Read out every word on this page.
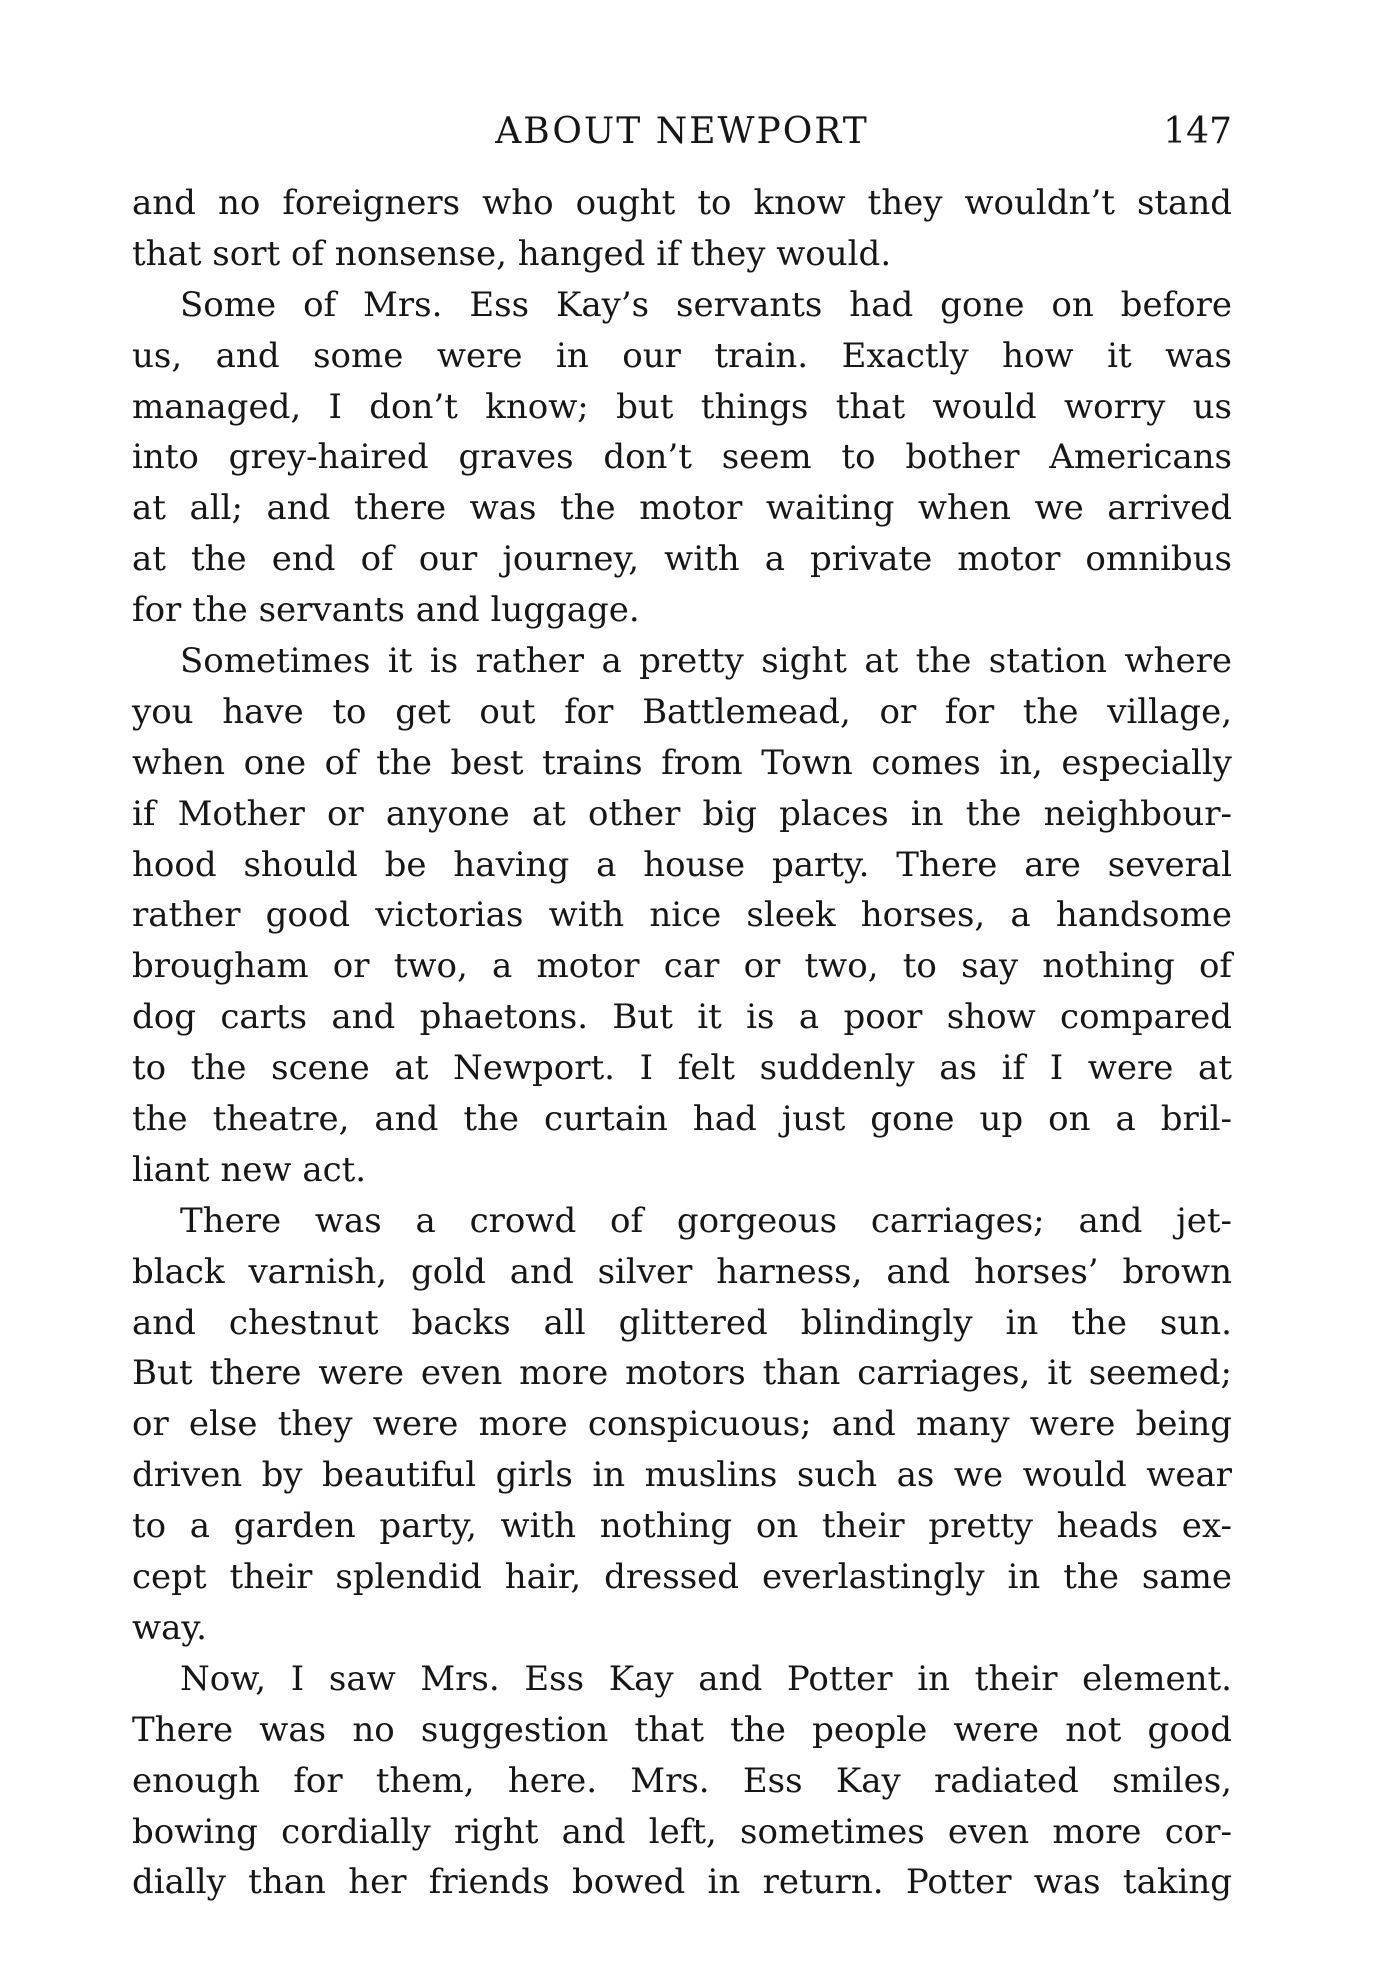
ABOUT NEWPORT	147
and no foreigners who ought to know they wouldn’t stand
that sort of nonsense, hanged if they would.
Some of Mrs. Ess Kay’s servants had gone on before
us, and some were in our train. Exactly how it was
managed, I don’t know; but things that would worry us
into grey-haired graves don’t seem to bother Americans
at all; and there was the motor waiting when we arrived
at the end of our journey, with a private motor omnibus
for the servants and luggage.
Sometimes it is rather a pretty sight at the station where
you have to get out for Battlemead, or for the village,
when one of the best trains from Town comes in, especially
if Mother or anyone at other big places in the neighbour-
hood should be having a house party. There are several
rather good victorias with nice sleek horses, a handsome
brougham or two, a motor car or two, to say nothing of
dog carts and phaetons. But it is a poor show compared
to the scene at Newport. I felt suddenly as if I were at
the theatre, and the curtain had just gone up on a bril-
liant new act.
There was a crowd of gorgeous carriages; and jet-
black varnish, gold and silver harness, and horses’ brown
and chestnut backs all glittered blindingly in the sun.
But there were even more motors than carriages, it seemed;
or else they were more conspicuous; and many were being
driven by beautiful girls in muslins such as we would wear
to a garden party, with nothing on their pretty heads ex-
cept their splendid hair, dressed everlastingly in the same
way.
Now, I saw Mrs. Ess Kay and Potter in their element.
There was no suggestion that the people were not good
enough for them, here. Mrs. Ess Kay radiated smiles,
bowing cordially right and left, sometimes even more cor-
dially than her friends bowed in return. Potter was taking
